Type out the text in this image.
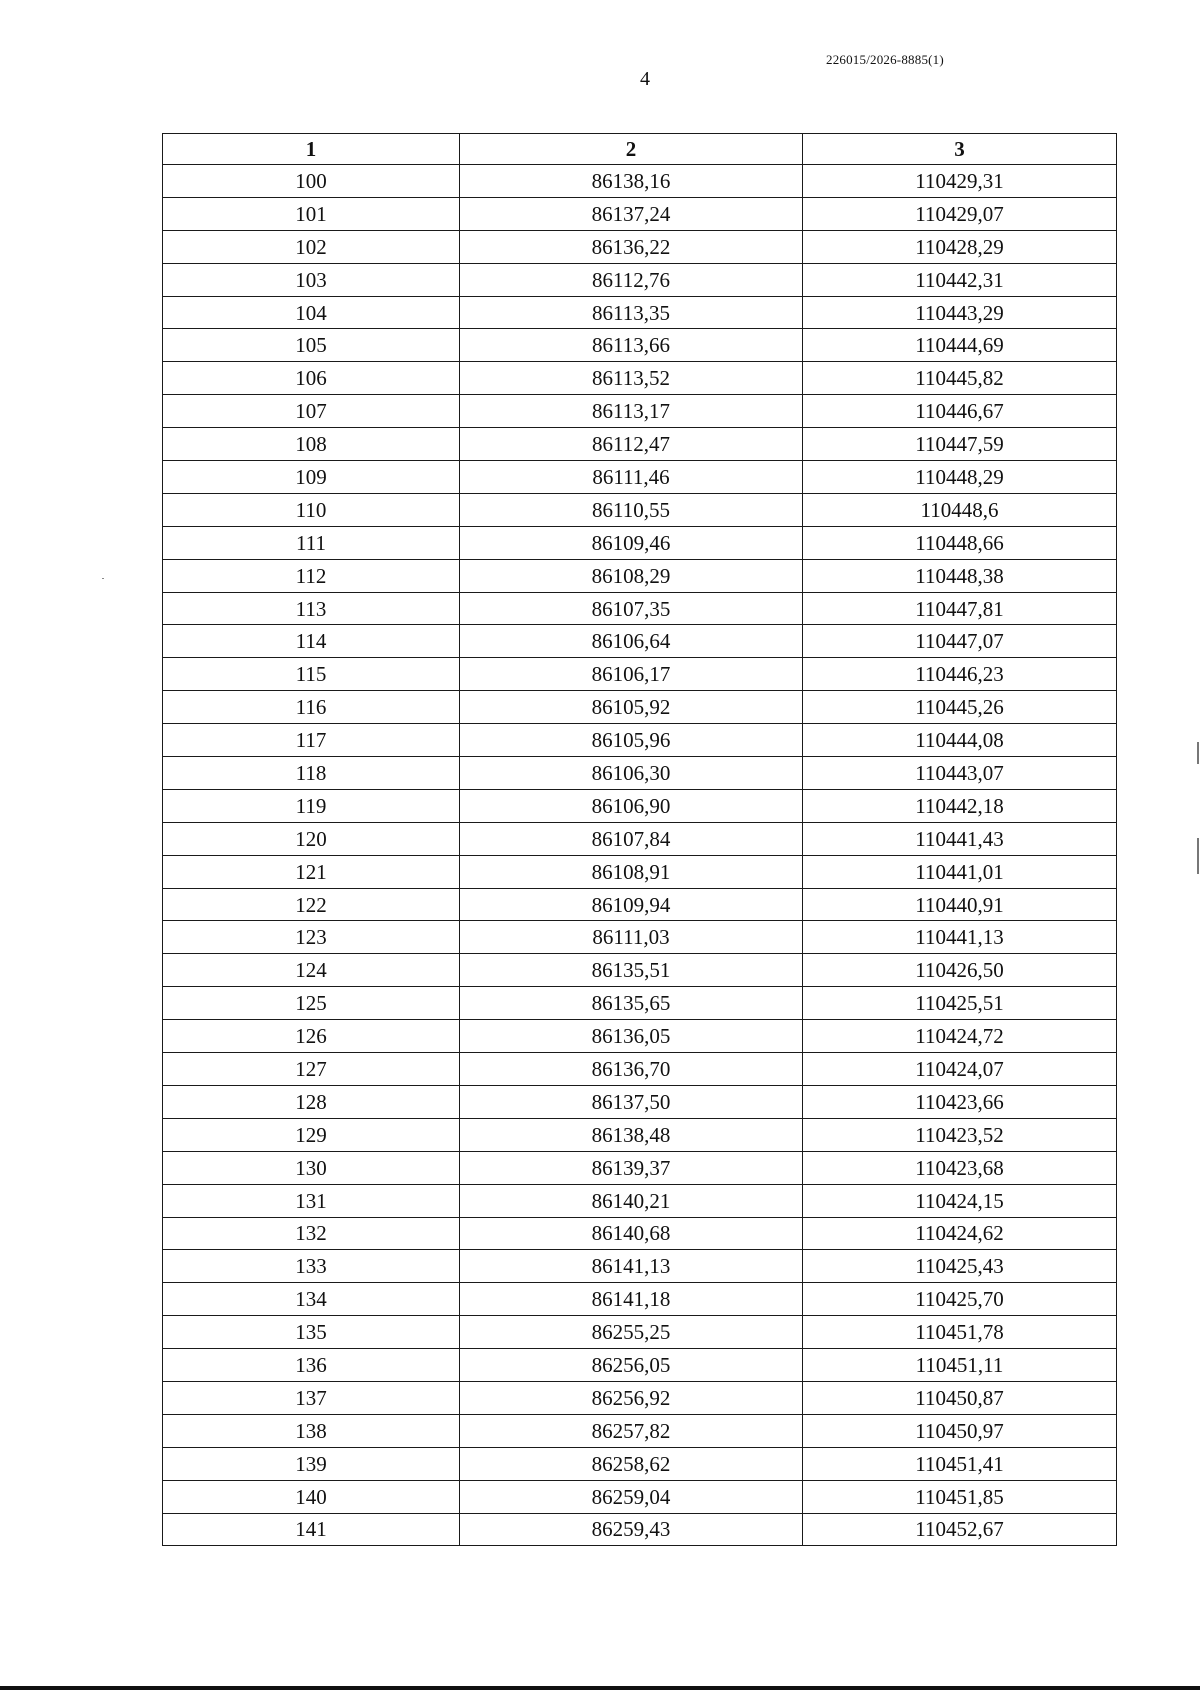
226015/2026-8885(1)
4
1	2	3
100	86138,16	110429,31
101	86137,24	110429,07
102	86136,22	110428,29
103	86112,76	110442,31
104	86113,35	110443,29
105	86113,66	110444,69
106	86113,52	110445,82
107	86113,17	110446,67
108	86112,47	110447,59
109	86111,46	110448,29
110	86110,55	110448,6
111	86109,46	110448,66
112	86108,29	110448,38
113	86107,35	110447,81
114	86106,64	110447,07
115	86106,17	110446,23
116	86105,92	110445,26
117	86105,96	110444,08
118	86106,30	110443,07
119	86106,90	110442,18
120	86107,84	110441,43
121	86108,91	110441,01
122	86109,94	110440,91
123	86111,03	110441,13
124	86135,51	110426,50
125	86135,65	110425,51
126	86136,05	110424,72
127	86136,70	110424,07
128	86137,50	110423,66
129	86138,48	110423,52
130	86139,37	110423,68
131	86140,21	110424,15
132	86140,68	110424,62
133	86141,13	110425,43
134	86141,18	110425,70
135	86255,25	110451,78
136	86256,05	110451,11
137	86256,92	110450,87
138	86257,82	110450,97
139	86258,62	110451,41
140	86259,04	110451,85
141	86259,43	110452,67
